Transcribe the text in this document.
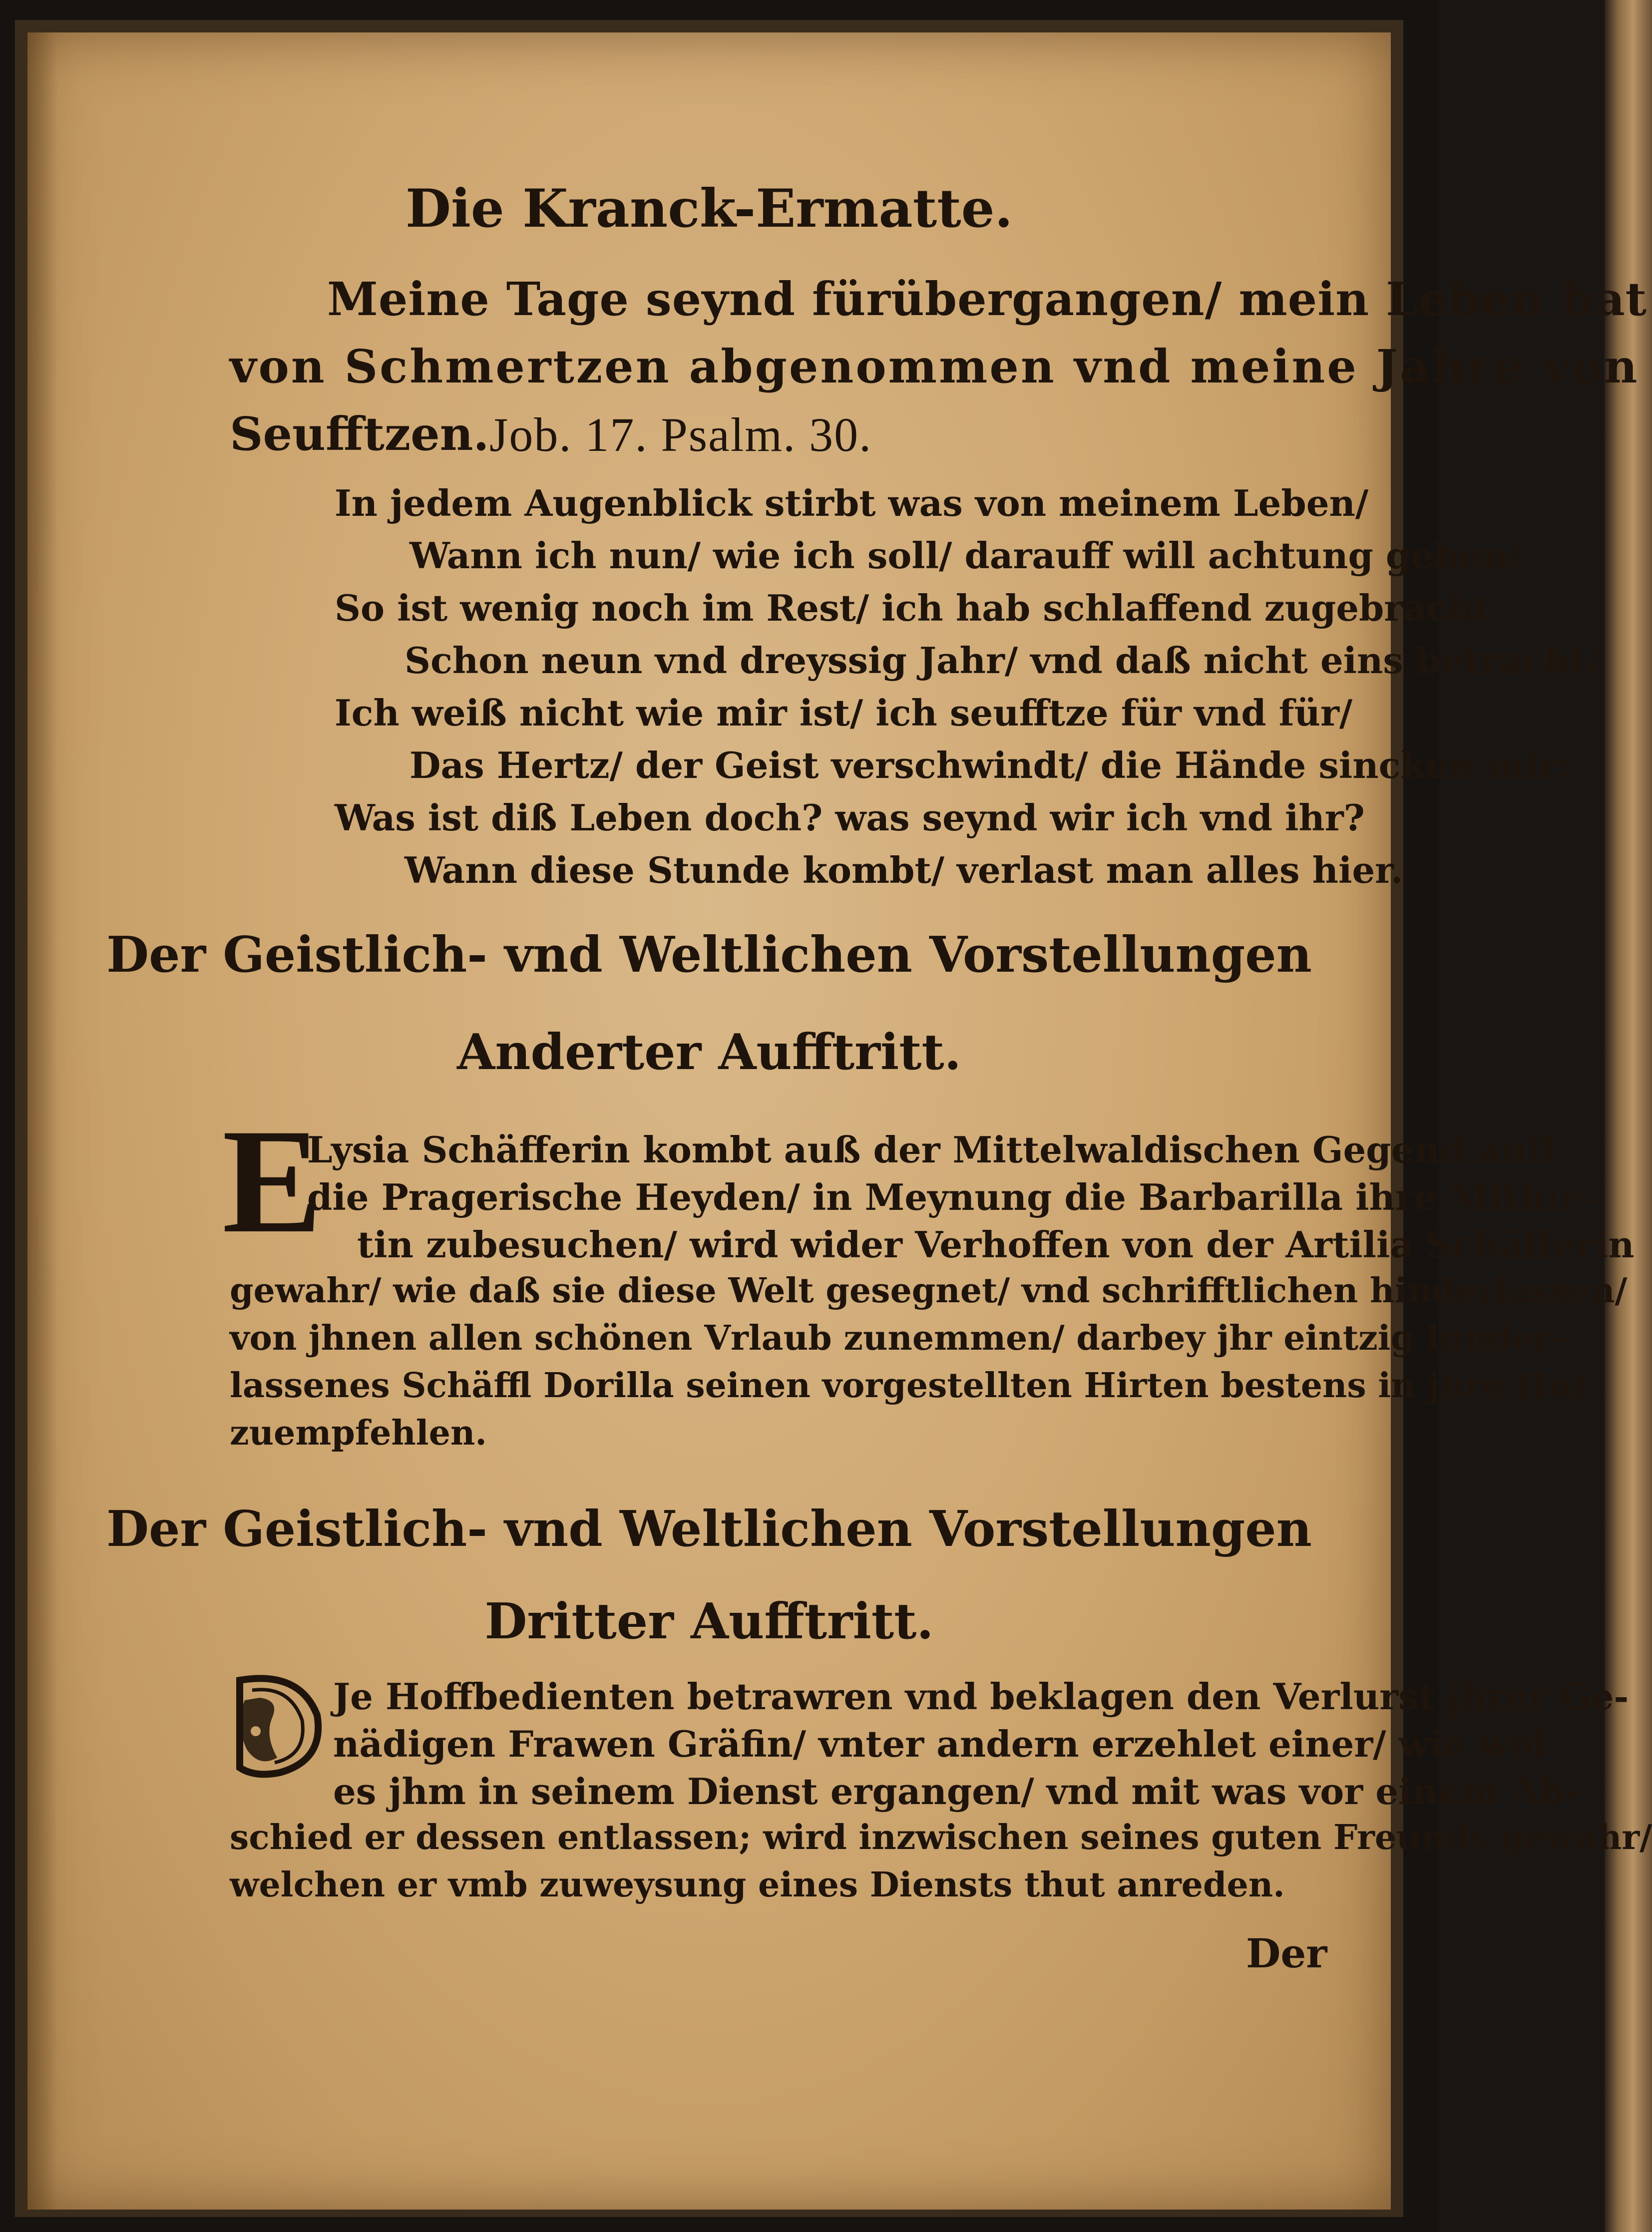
Die Kranck-Ermatte.
Meine Tage seynd fürübergangen/ mein Leben hat
von Schmertzen abgenommen vnd meine Jahre von
Seufftzen. Job. 17. Psalm. 30.
In jedem Augenblick stirbt was von meinem Leben/
Wann ich nun/ wie ich soll/ darauff will achtung geben/
So ist wenig noch im Rest/ ich hab schlaffend zugebracht
Schon neun vnd dreyssig Jahr/ vnd daß nicht eins betracht/
Ich weiß nicht wie mir ist/ ich seufftze für vnd für/
Das Hertz/ der Geist verschwindt/ die Hände sincken mir:
Was ist diß Leben doch? was seynd wir ich vnd ihr?
Wann diese Stunde kombt/ verlast man alles hier.
Der Geistlich- vnd Weltlichen Vorstellungen
Anderter Aufftritt.
E
Lysia Schäfferin kombt auß der Mittelwaldischen Gegend auff
die Pragerische Heyden/ in Meynung die Barbarilla ihre Mithir-
tin zubesuchen/ wird wider Verhoffen von der Artilia Schäfferin
gewahr/ wie daß sie diese Welt gesegnet/ vnd schrifftlichen hinderlassen/
von jhnen allen schönen Vrlaub zunemmen/ darbey jhr eintzig hinder-
lassenes Schäffl Dorilla seinen vorgestellten Hirten bestens in jhre Hut
zuempfehlen.
Der Geistlich- vnd Weltlichen Vorstellungen
Dritter Aufftritt.
Je Hoffbedienten betrawren vnd beklagen den Verlurst jhrer Ge-
nädigen Frawen Gräfin/ vnter andern erzehlet einer/ wie wol
es jhm in seinem Dienst ergangen/ vnd mit was vor einem Ab-
schied er dessen entlassen; wird inzwischen seines guten Freunds gewahr/
welchen er vmb zuweysung eines Diensts thut anreden.
Der
